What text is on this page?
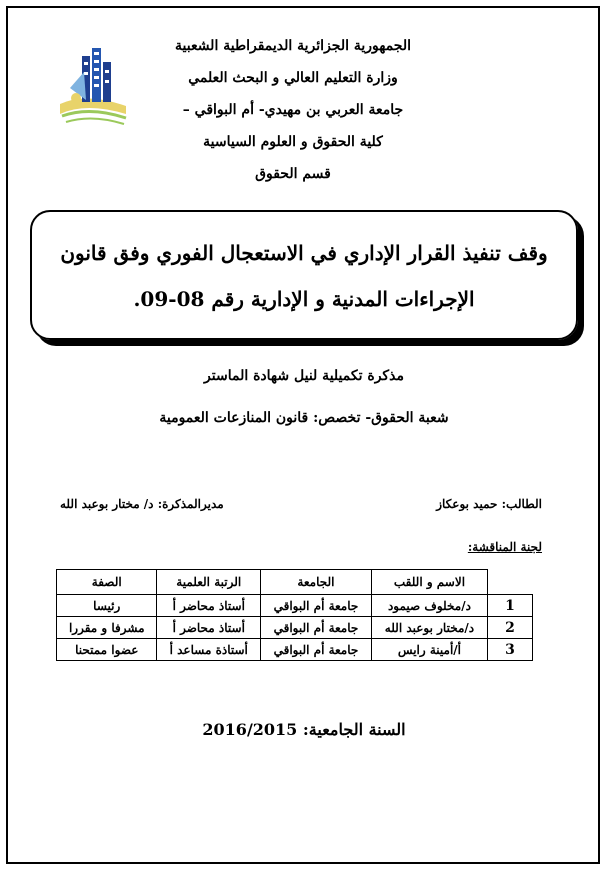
الجمهورية الجزائرية الديمقراطية الشعبية
وزارة التعليم العالي و البحث العلمي
جامعة العربي بن مهيدي- أم البواقي –
كلية الحقوق و العلوم السياسية
قسم الحقوق
وقف تنفيذ القرار الإداري في الاستعجال الفوري وفق قانون
الإجراءات المدنية و الإدارية رقم 08-09.
مذكرة تكميلية لنيل شهادة الماستر
شعبة الحقوق- تخصص: قانون المنازعات العمومية
الطالب: حميد بوعكاز
مديرالمذكرة: د/ مختار بوعبد الله
لجنة المناقشة:
	الاسم و اللقب	الجامعة	الرتبة العلمية	الصفة
1	د/مخلوف صيمود	جامعة أم البواقي	أستاذ محاضر أ	رئيسا
2	د/مختار بوعبد الله	جامعة أم البواقي	أستاذ محاضر أ	مشرفا و مقررا
3	أ/أمينة رايس	جامعة أم البواقي	أستاذة مساعد أ	عضوا ممتحنا
السنة الجامعية: 2016/2015
